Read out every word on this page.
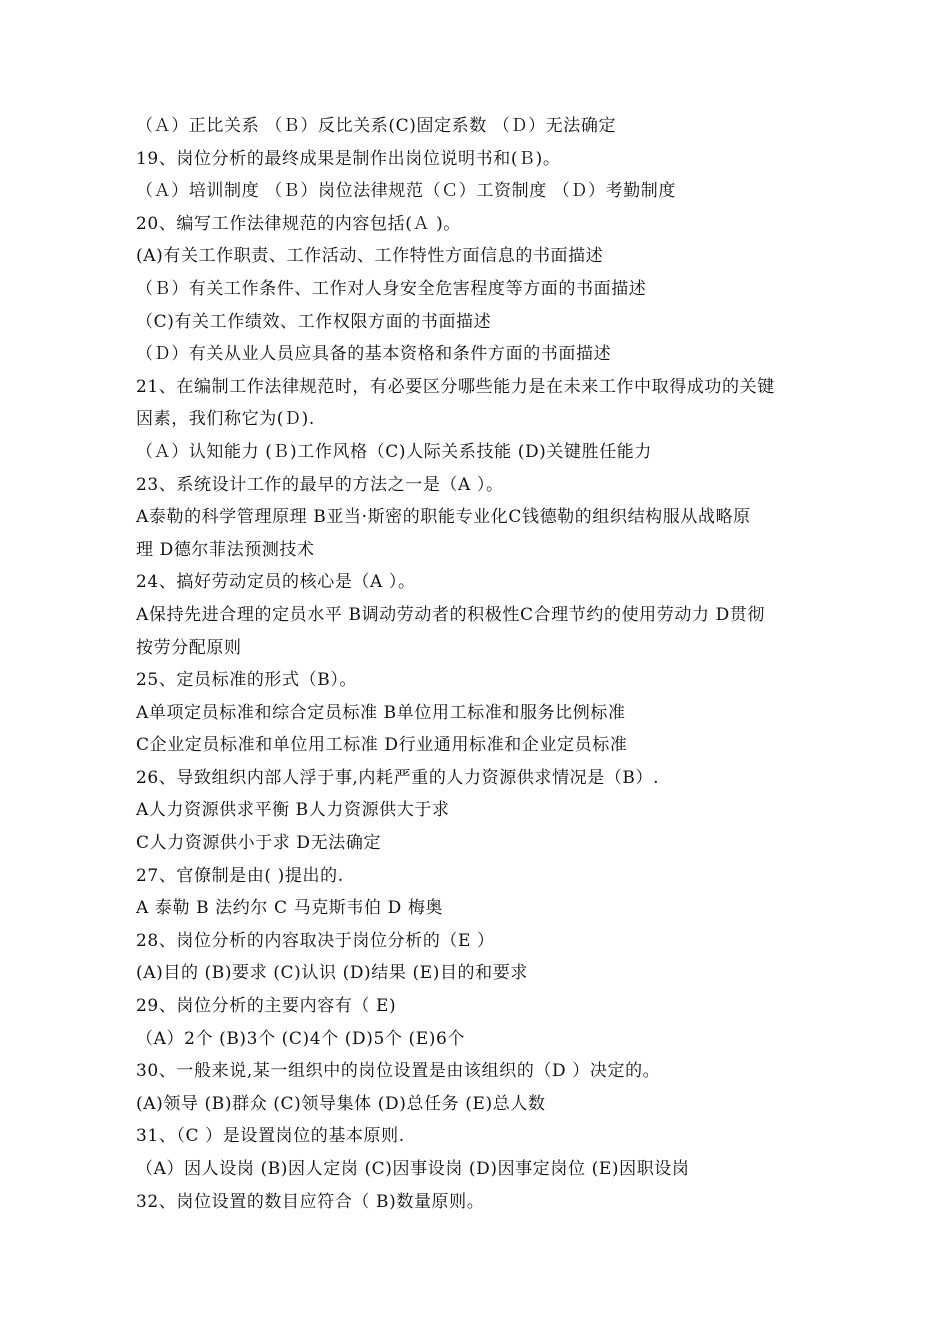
（Ａ）正比关系 （Ｂ）反比关系(C)固定系数 （Ｄ）无法确定
19、岗位分析的最终成果是制作出岗位说明书和(Ｂ)。
（Ａ）培训制度 （Ｂ）岗位法律规范（Ｃ）工资制度 （Ｄ）考勤制度
20、编写工作法律规范的内容包括(Ａ )。
(A)有关工作职责、工作活动、工作特性方面信息的书面描述
（Ｂ）有关工作条件、工作对人身安全危害程度等方面的书面描述
（C)有关工作绩效、工作权限方面的书面描述
（Ｄ）有关从业人员应具备的基本资格和条件方面的书面描述
21、在编制工作法律规范时，有必要区分哪些能力是在未来工作中取得成功的关键
因素，我们称它为(Ｄ).
（Ａ）认知能力 (Ｂ)工作风格（C)人际关系技能 (D)关键胜任能力
23、系统设计工作的最早的方法之一是（A ）。
A泰勒的科学管理原理 B亚当·斯密的职能专业化C钱德勒的组织结构服从战略原
理 D德尔菲法预测技术
24、搞好劳动定员的核心是（A ）。
A保持先进合理的定员水平 B调动劳动者的积极性C合理节约的使用劳动力 D贯彻
按劳分配原则
25、定员标准的形式（B）。
A单项定员标准和综合定员标准 B单位用工标准和服务比例标准
C企业定员标准和单位用工标准 D行业通用标准和企业定员标准
26、导致组织内部人浮于事,内耗严重的人力资源供求情况是（B）.
A人力资源供求平衡 B人力资源供大于求
C人力资源供小于求 D无法确定
27、官僚制是由( )提出的.
A 泰勒 B 法约尔 C 马克斯韦伯 D 梅奥
28、岗位分析的内容取决于岗位分析的（E ）
(A)目的 (B)要求 (C)认识 (D)结果 (E)目的和要求
29、岗位分析的主要内容有（ E)
（A）2个 (B)3个 (C)4个 (D)5个 (E)6个
30、一般来说,某一组织中的岗位设置是由该组织的（D ）决定的。
(A)领导 (B)群众 (C)领导集体 (D)总任务 (E)总人数
31、（C ）是设置岗位的基本原则.
（A）因人设岗 (B)因人定岗 (C)因事设岗 (D)因事定岗位 (E)因职设岗
32、岗位设置的数目应符合（ B)数量原则。
